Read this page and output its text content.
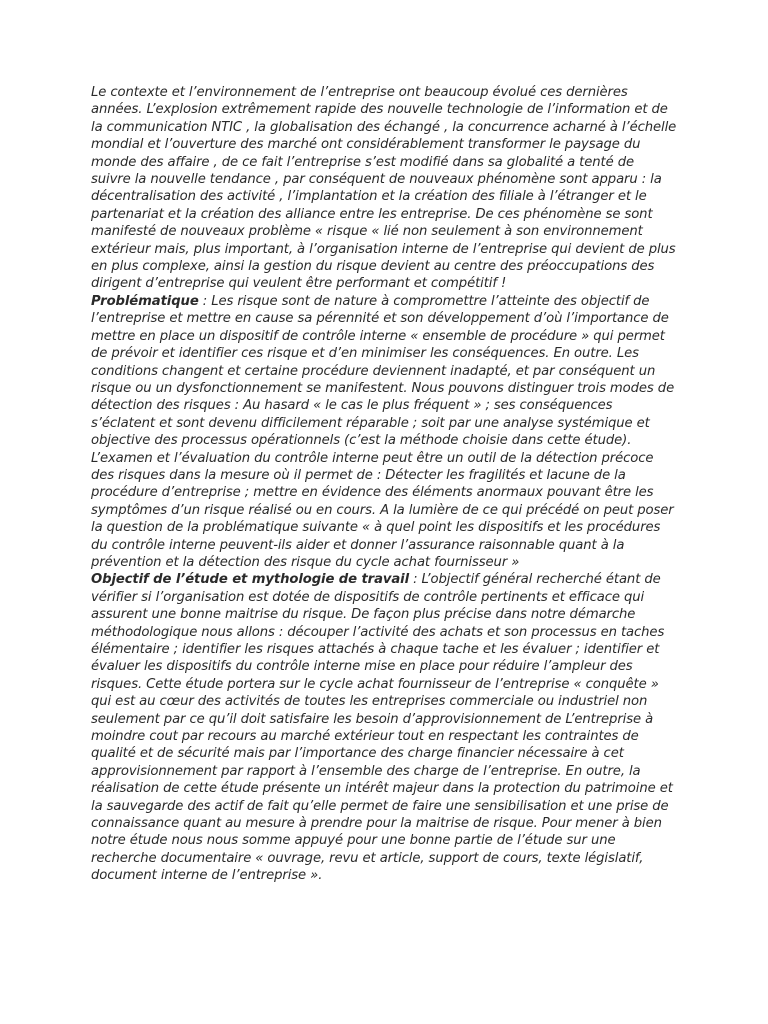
Le contexte et l’environnement de l’entreprise ont beaucoup évolué ces dernières années. L’explosion extrêmement rapide des nouvelle technologie de l’information et de la communication NTIC , la globalisation des échangé , la concurrence acharné à l’échelle mondial et l’ouverture des marché ont considérablement transformer le paysage du monde des affaire , de ce fait l’entreprise s’est modifié dans sa globalité a tenté de suivre la nouvelle tendance , par conséquent de nouveaux phénomène sont apparu : la décentralisation des activité , l’implantation et la création des filiale à l’étranger et le partenariat et la création des alliance entre les entreprise. De ces phénomène se sont manifesté de nouveaux problème « risque « lié non seulement à son environnement extérieur mais, plus important, à l’organisation interne de l’entreprise qui devient de plus en plus complexe, ainsi la gestion du risque devient au centre des préoccupations des dirigent d’entreprise qui veulent être performant et compétitif !

Problématique : Les risque sont de nature à compromettre l’atteinte des objectif de l’entreprise et mettre en cause sa pérennité et son développement d’où l’importance de mettre en place un dispositif de contrôle interne « ensemble de procédure » qui permet de prévoir et identifier ces risque et d’en minimiser les conséquences. En outre. Les conditions changent et certaine procédure deviennent inadapté, et par conséquent un risque ou un dysfonctionnement se manifestent. Nous pouvons distinguer trois modes de détection des risques : Au hasard « le cas le plus fréquent » ; ses conséquences s’éclatent et sont devenu difficilement réparable ; soit par une analyse systémique et objective des processus opérationnels (c’est la méthode choisie dans cette étude). L’examen et l’évaluation du contrôle interne peut être un outil de la détection précoce des risques dans la mesure où il permet de : Détecter les fragilités et lacune de la procédure d’entreprise ; mettre en évidence des éléments anormaux pouvant être les symptômes d’un risque réalisé ou en cours. A la lumière de ce qui précédé on peut poser la question de la problématique suivante « à quel point les dispositifs et les procédures du contrôle interne peuvent-ils aider et donner l’assurance raisonnable quant à la prévention et la détection des risque du cycle achat fournisseur »

Objectif de l’étude et mythologie de travail : L’objectif général recherché étant de vérifier si l’organisation est dotée de dispositifs de contrôle pertinents et efficace qui assurent une bonne maitrise du risque. De façon plus précise dans notre démarche méthodologique nous allons : découper l’activité des achats et son processus en taches élémentaire ; identifier les risques attachés à chaque tache et les évaluer ; identifier et évaluer les dispositifs du contrôle interne mise en place pour réduire l’ampleur des risques. Cette étude portera sur le cycle achat fournisseur de l’entreprise « conquête » qui est au cœur des activités de toutes les entreprises commerciale ou industriel non seulement par ce qu’il doit satisfaire les besoin d’approvisionnement de L’entreprise à moindre cout par recours au marché extérieur tout en respectant les contraintes de qualité et de sécurité mais par l’importance des charge financier nécessaire à cet approvisionnement par rapport à l’ensemble des charge de l’entreprise. En outre, la réalisation de cette étude présente un intérêt majeur dans la protection du patrimoine et la sauvegarde des actif de fait qu’elle permet de faire une sensibilisation et une prise de connaissance quant au mesure à prendre pour la maitrise de risque. Pour mener à bien notre étude nous nous somme appuyé pour une bonne partie de l’étude sur une recherche documentaire « ouvrage, revu et article, support de cours, texte législatif, document interne de l’entreprise ».
